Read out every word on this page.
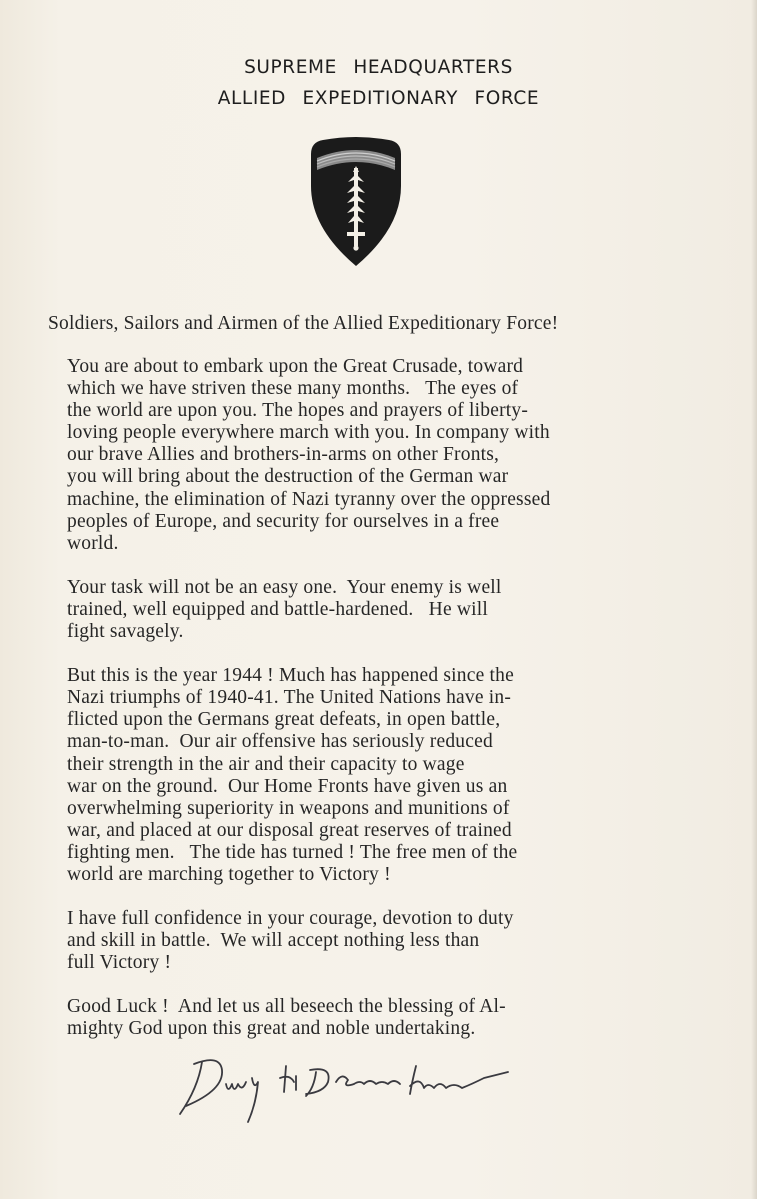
SUPREME HEADQUARTERS
ALLIED EXPEDITIONARY FORCE
Soldiers, Sailors and Airmen of the Allied Expeditionary Force!
You are about to embark upon the Great Crusade, toward
which we have striven these many months.   The eyes of
the world are upon you. The hopes and prayers of liberty-
loving people everywhere march with you. In company with
our brave Allies and brothers-in-arms on other Fronts,
you will bring about the destruction of the German war
machine, the elimination of Nazi tyranny over the oppressed
peoples of Europe, and security for ourselves in a free
world.
Your task will not be an easy one.  Your enemy is well
trained, well equipped and battle-hardened.   He will
fight savagely.
But this is the year 1944 ! Much has happened since the
Nazi triumphs of 1940-41. The United Nations have in-
flicted upon the Germans great defeats, in open battle,
man-to-man.  Our air offensive has seriously reduced
their strength in the air and their capacity to wage
war on the ground.  Our Home Fronts have given us an
overwhelming superiority in weapons and munitions of
war, and placed at our disposal great reserves of trained
fighting men.   The tide has turned ! The free men of the
world are marching together to Victory !
I have full confidence in your courage, devotion to duty
and skill in battle.  We will accept nothing less than
full Victory !
Good Luck !  And let us all beseech the blessing of Al-
mighty God upon this great and noble undertaking.
